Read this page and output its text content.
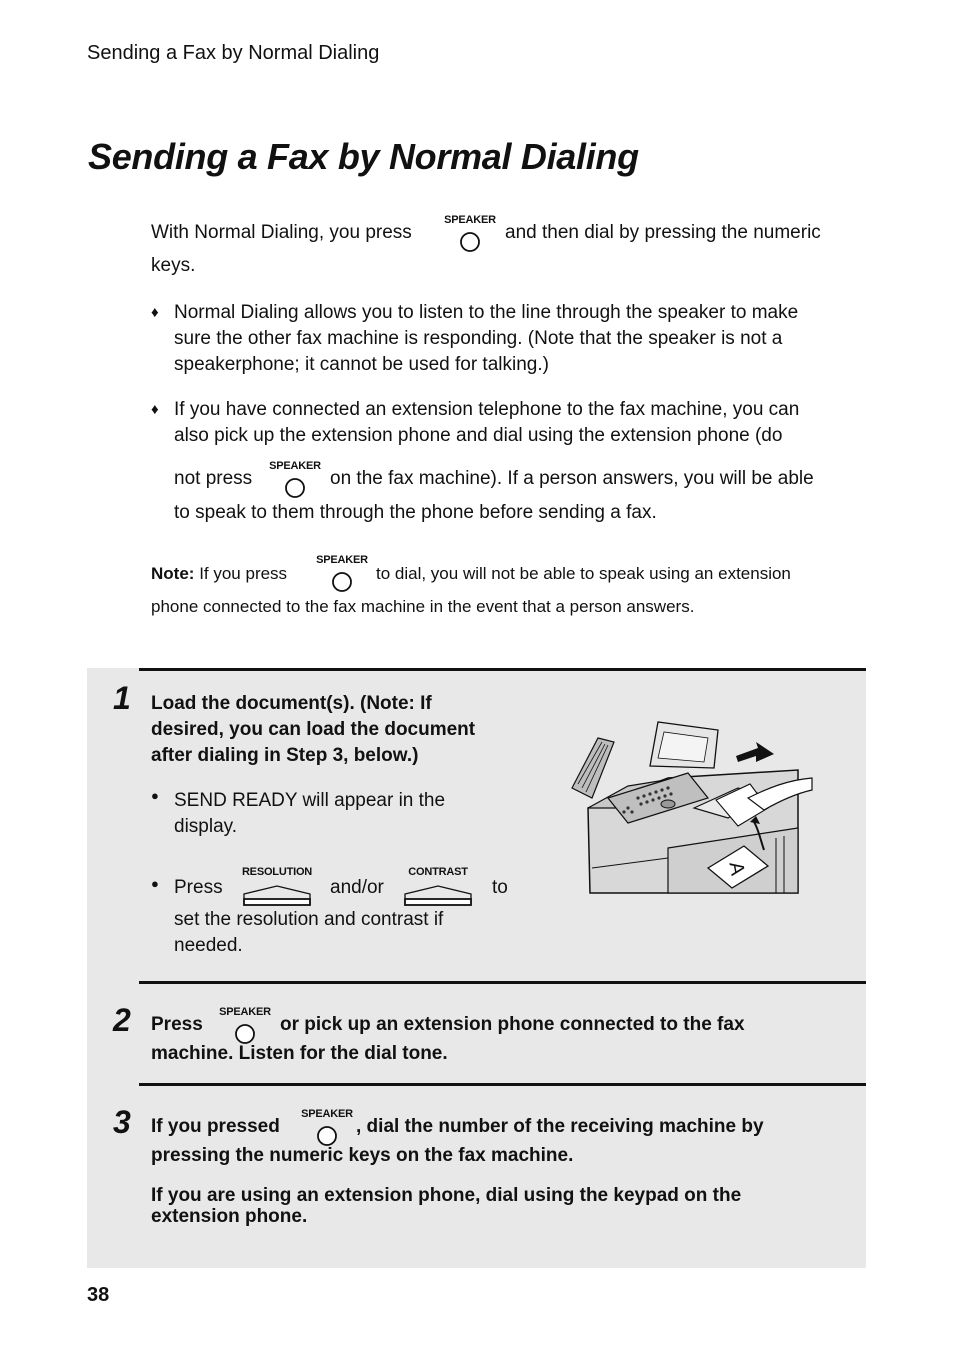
Sending a Fax by Normal Dialing
Sending a Fax by Normal Dialing
With Normal Dialing, you press
SPEAKER
and then dial by pressing the numeric
keys.
♦ Normal Dialing allows you to listen to the line through the speaker to make
sure the other fax machine is responding. (Note that the speaker is not a
speakerphone; it cannot be used for talking.)
♦ If you have connected an extension telephone to the fax machine, you can
also pick up the extension phone and dial using the extension phone (do
not press
SPEAKER
on the fax machine). If a person answers, you will be able
to speak to them through the phone before sending a fax.
Note: If you press
SPEAKER
to dial, you will not be able to speak using an extension
phone connected to the fax machine in the event that a person answers.
1 Load the document(s). (Note: If
desired, you can load the document
after dialing in Step 3, below.)
● SEND READY will appear in the
display.
● Press
RESOLUTION
and/or
CONTRAST
to
set the resolution and contrast if
needed.
A
2 Press
SPEAKER
or pick up an extension phone connected to the fax
machine. Listen for the dial tone.
3 If you pressed
SPEAKER
, dial the number of the receiving machine by
pressing the numeric keys on the fax machine.
If you are using an extension phone, dial using the keypad on the
extension phone.
38
